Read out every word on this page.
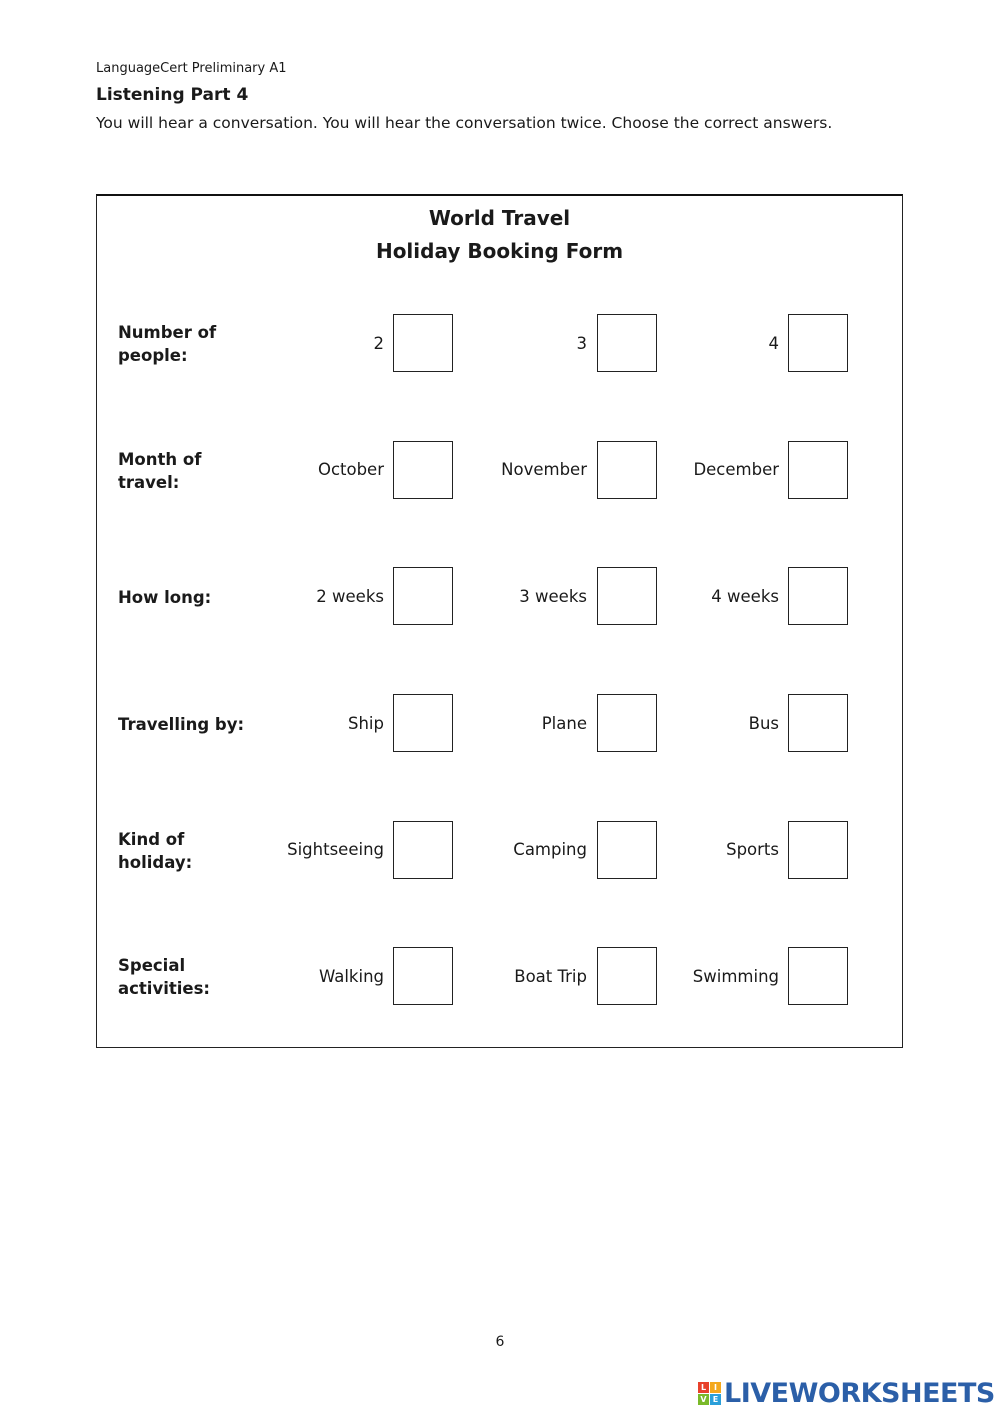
LanguageCert Preliminary A1
Listening Part 4
You will hear a conversation. You will hear the conversation twice. Choose the correct answers.
World Travel
Holiday Booking Form
Number of people:
2	3	4
Month of travel:
October	November	December
How long:	2 weeks	3 weeks	4 weeks
Travelling by:	Ship	Plane	Bus
Kind of holiday:
Sightseeing	Camping	Sports
Special activities:
Walking	Boat Trip	Swimming
6
L I
V E LIVEWORKSHEETS
